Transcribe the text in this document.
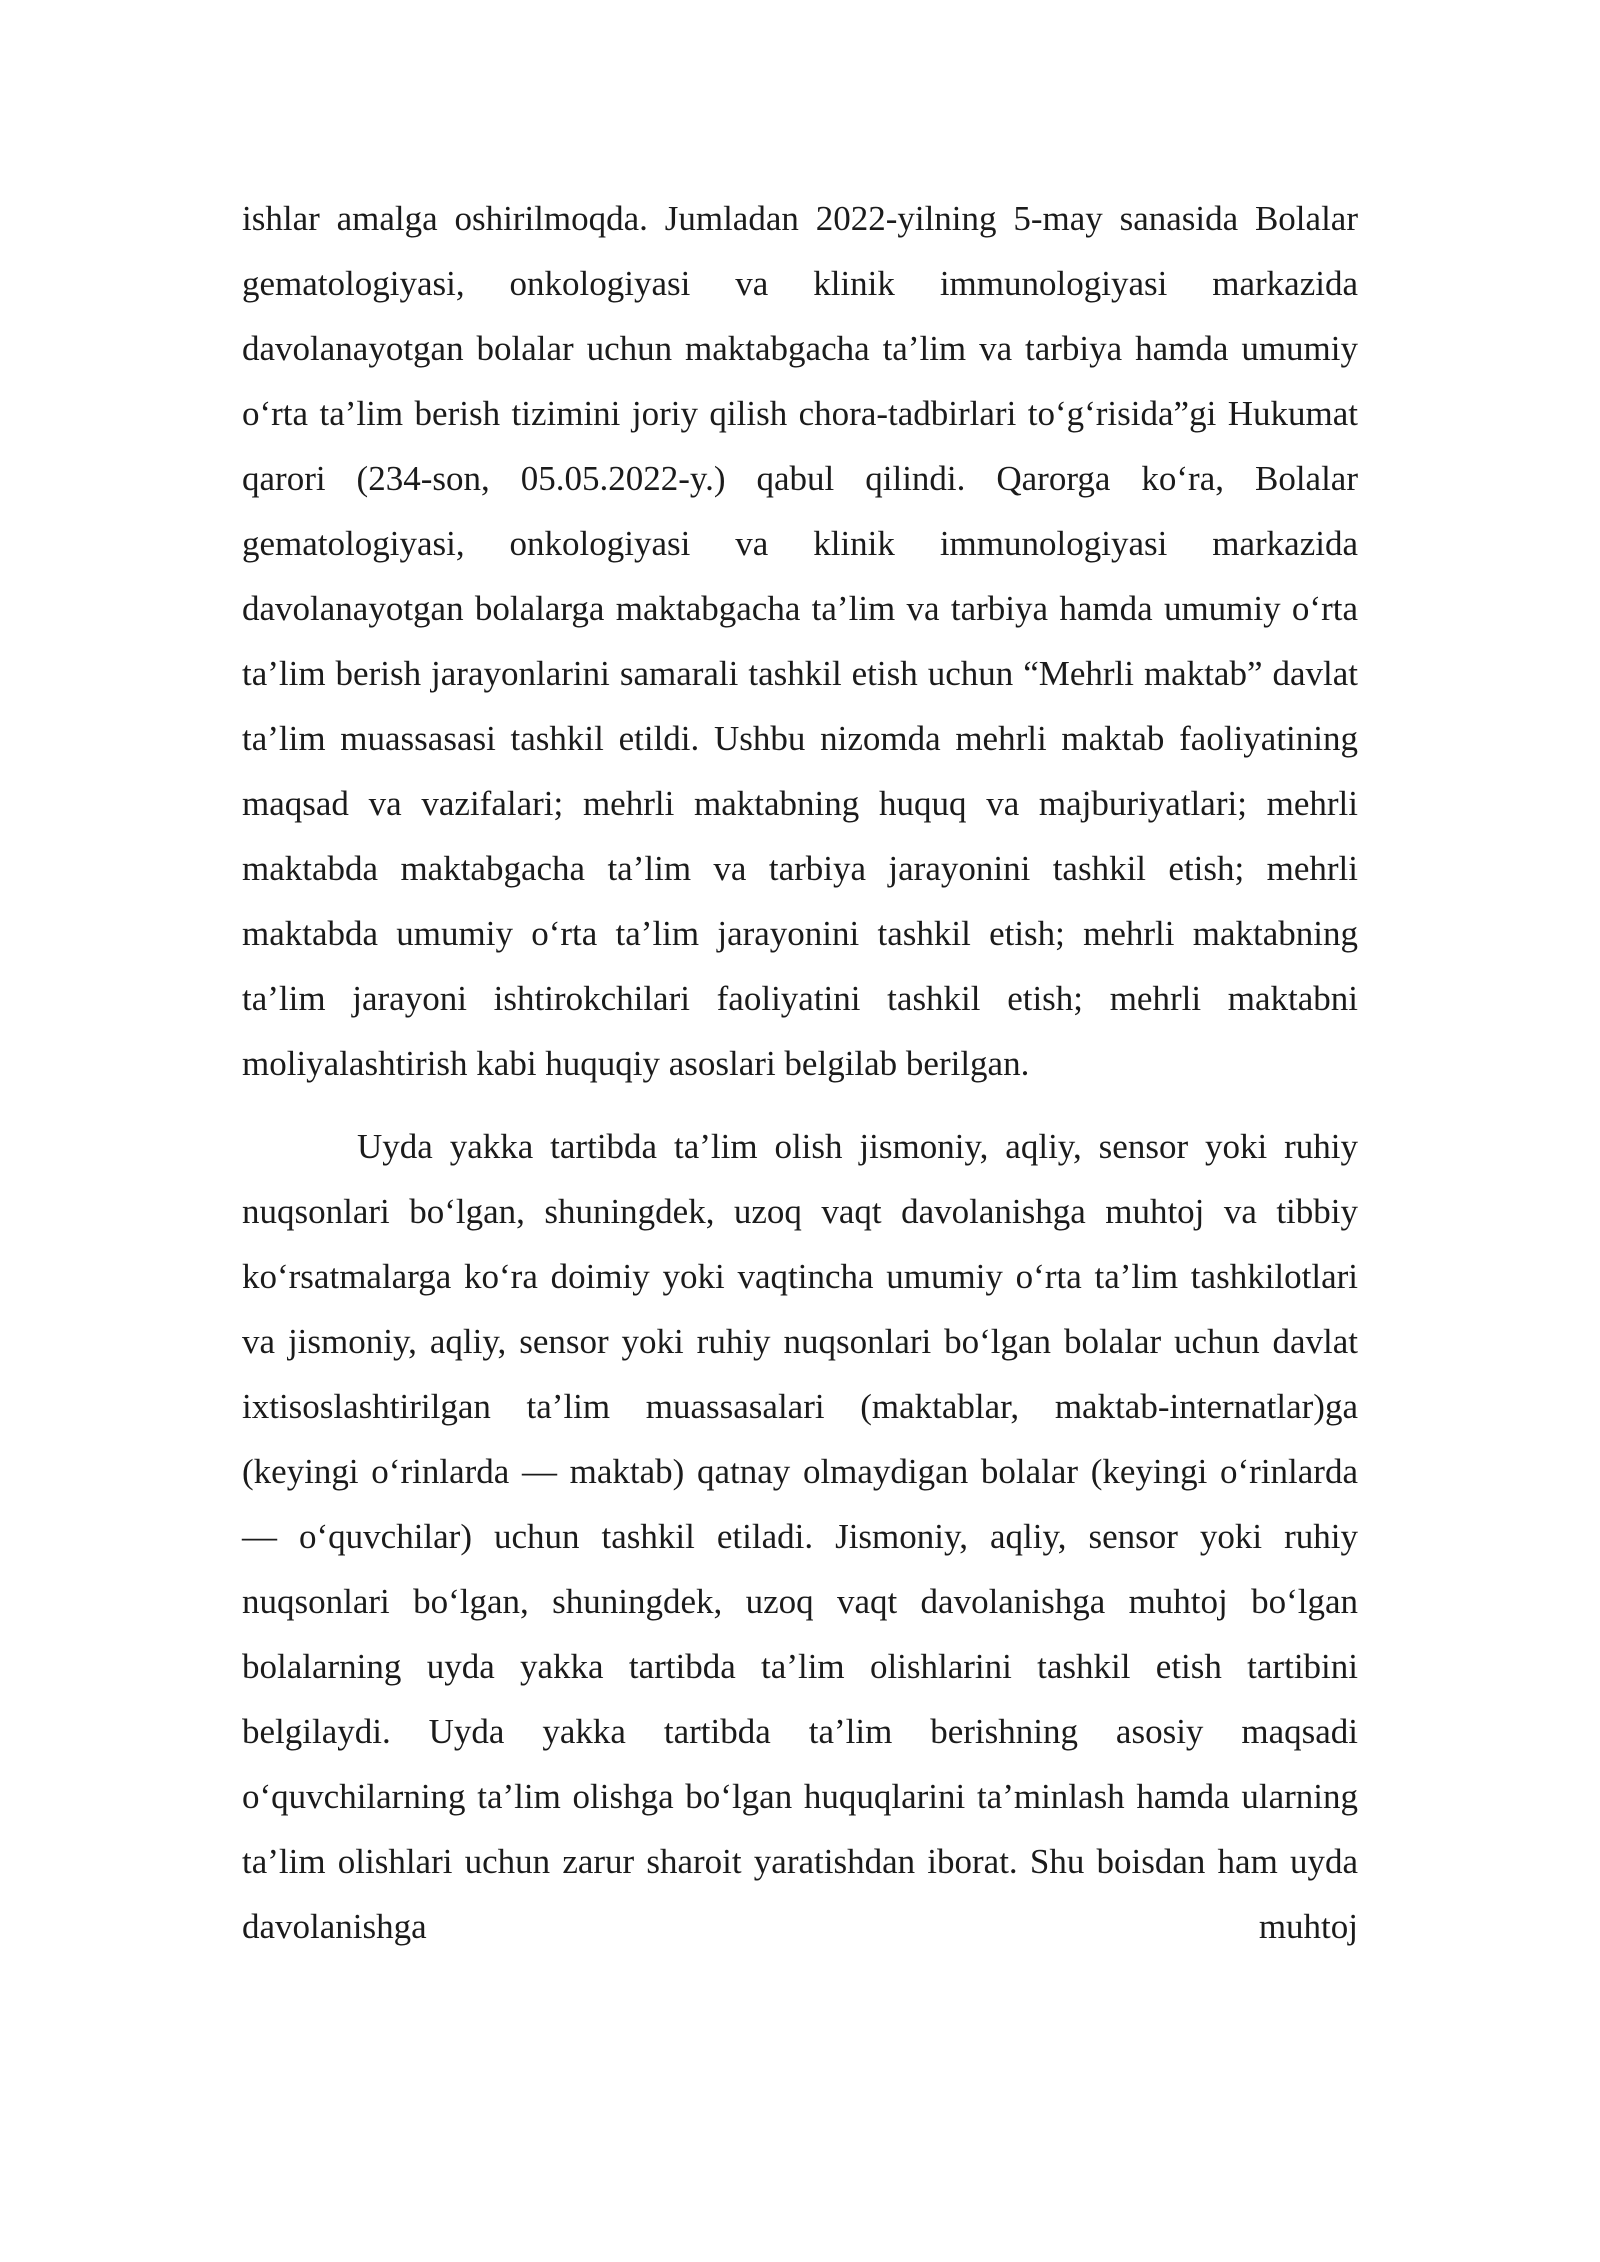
ishlar amalga oshirilmoqda. Jumladan 2022-yilning 5-may sanasida Bolalar gematologiyasi, onkologiyasi va klinik immunologiyasi markazida davolanayotgan bolalar uchun maktabgacha ta’lim va tarbiya hamda umumiy o‘rta ta’lim berish tizimini joriy qilish chora-tadbirlari to‘g‘risida”gi Hukumat qarori (234-son, 05.05.2022-y.) qabul qilindi. Qarorga ko‘ra, Bolalar gematologiyasi, onkologiyasi va klinik immunologiyasi markazida davolanayotgan bolalarga maktabgacha ta’lim va tarbiya hamda umumiy o‘rta ta’lim berish jarayonlarini samarali tashkil etish uchun “Mehrli maktab” davlat ta’lim muassasasi tashkil etildi. Ushbu nizomda mehrli maktab faoliyatining maqsad va vazifalari; mehrli maktabning huquq va majburiyatlari; mehrli maktabda maktabgacha ta’lim va tarbiya jarayonini tashkil etish; mehrli maktabda umumiy o‘rta ta’lim jarayonini tashkil etish; mehrli maktabning ta’lim jarayoni ishtirokchilari faoliyatini tashkil etish; mehrli maktabni moliyalashtirish kabi huquqiy asoslari belgilab berilgan.

Uyda yakka tartibda ta’lim olish jismoniy, aqliy, sensor yoki ruhiy nuqsonlari bo‘lgan, shuningdek, uzoq vaqt davolanishga muhtoj va tibbiy ko‘rsatmalarga ko‘ra doimiy yoki vaqtincha umumiy o‘rta ta’lim tashkilotlari va jismoniy, aqliy, sensor yoki ruhiy nuqsonlari bo‘lgan bolalar uchun davlat ixtisoslashtirilgan ta’lim muassasalari (maktablar, maktab-internatlar)ga (keyingi o‘rinlarda — maktab) qatnay olmaydigan bolalar (keyingi o‘rinlarda — o‘quvchilar) uchun tashkil etiladi. Jismoniy, aqliy, sensor yoki ruhiy nuqsonlari bo‘lgan, shuningdek, uzoq vaqt davolanishga muhtoj bo‘lgan bolalarning uyda yakka tartibda ta’lim olishlarini tashkil etish tartibini belgilaydi. Uyda yakka tartibda ta’lim berishning asosiy maqsadi o‘quvchilarning ta’lim olishga bo‘lgan huquqlarini ta’minlash hamda ularning ta’lim olishlari uchun zarur sharoit yaratishdan iborat. Shu boisdan ham uyda davolanishga muhtoj
